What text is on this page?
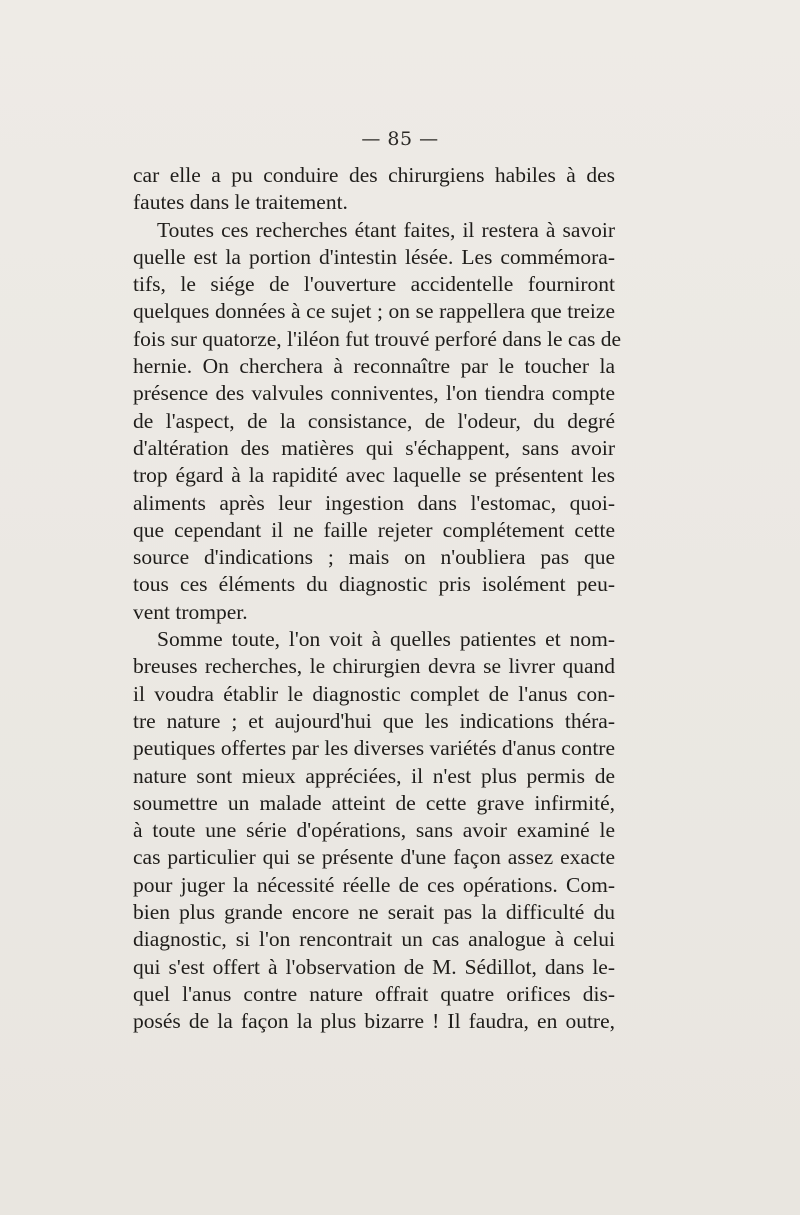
— 85 —
car elle a pu conduire des chirurgiens habiles à des
fautes dans le traitement.
Toutes ces recherches étant faites, il restera à savoir
quelle est la portion d'intestin lésée. Les commémora-
tifs, le siége de l'ouverture accidentelle fourniront
quelques données à ce sujet ; on se rappellera que treize
fois sur quatorze, l'iléon fut trouvé perforé dans le cas de
hernie. On cherchera à reconnaître par le toucher la
présence des valvules conniventes, l'on tiendra compte
de l'aspect, de la consistance, de l'odeur, du degré
d'altération des matières qui s'échappent, sans avoir
trop égard à la rapidité avec laquelle se présentent les
aliments après leur ingestion dans l'estomac, quoi-
que cependant il ne faille rejeter complétement cette
source d'indications ; mais on n'oubliera pas que
tous ces éléments du diagnostic pris isolément peu-
vent tromper.
Somme toute, l'on voit à quelles patientes et nom-
breuses recherches, le chirurgien devra se livrer quand
il voudra établir le diagnostic complet de l'anus con-
tre nature ; et aujourd'hui que les indications théra-
peutiques offertes par les diverses variétés d'anus contre
nature sont mieux appréciées, il n'est plus permis de
soumettre un malade atteint de cette grave infirmité,
à toute une série d'opérations, sans avoir examiné le
cas particulier qui se présente d'une façon assez exacte
pour juger la nécessité réelle de ces opérations. Com-
bien plus grande encore ne serait pas la difficulté du
diagnostic, si l'on rencontrait un cas analogue à celui
qui s'est offert à l'observation de M. Sédillot, dans le-
quel l'anus contre nature offrait quatre orifices dis-
posés de la façon la plus bizarre ! Il faudra, en outre,
